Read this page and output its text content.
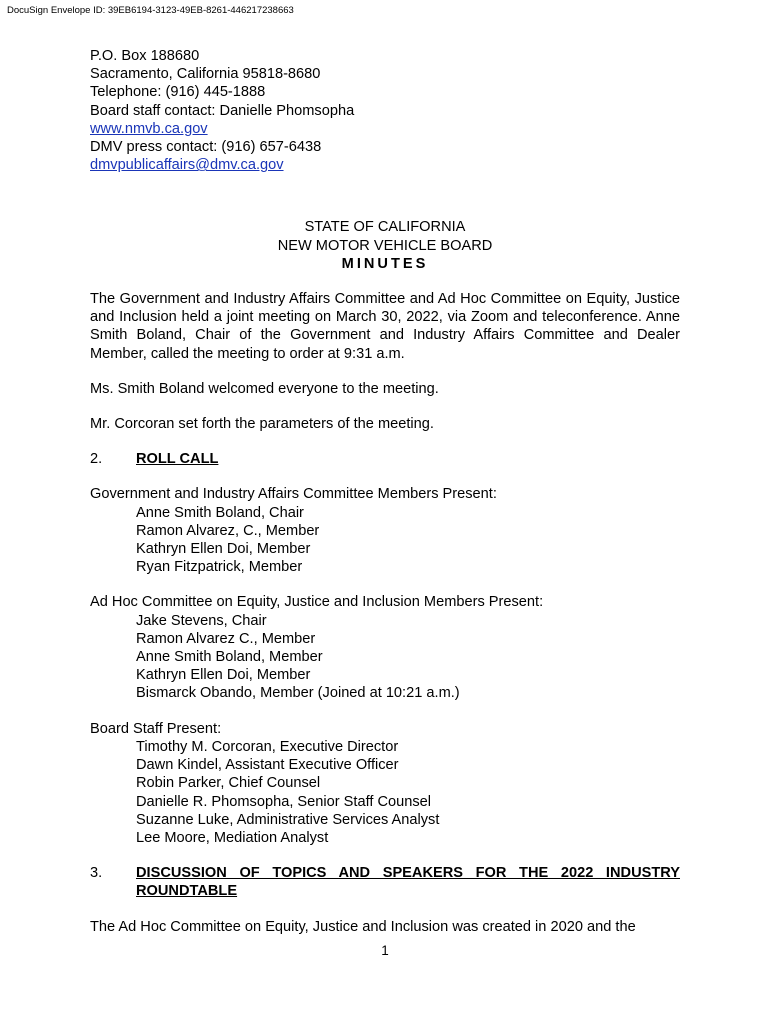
DocuSign Envelope ID: 39EB6194-3123-49EB-8261-446217238663
P.O. Box 188680
Sacramento, California 95818-8680
Telephone: (916) 445-1888
Board staff contact: Danielle Phomsopha
www.nmvb.ca.gov
DMV press contact: (916) 657-6438
dmvpublicaffairs@dmv.ca.gov
STATE OF CALIFORNIA
NEW MOTOR VEHICLE BOARD
MINUTES

The Government and Industry Affairs Committee and Ad Hoc Committee on Equity, Justice and Inclusion held a joint meeting on March 30, 2022, via Zoom and teleconference. Anne Smith Boland, Chair of the Government and Industry Affairs Committee and Dealer Member, called the meeting to order at 9:31 a.m.

Ms. Smith Boland welcomed everyone to the meeting.

Mr. Corcoran set forth the parameters of the meeting.

2.	ROLL CALL
Government and Industry Affairs Committee Members Present:
Anne Smith Boland, Chair
Ramon Alvarez, C., Member
Kathryn Ellen Doi, Member
Ryan Fitzpatrick, Member
Ad Hoc Committee on Equity, Justice and Inclusion Members Present:
Jake Stevens, Chair
Ramon Alvarez C., Member
Anne Smith Boland, Member
Kathryn Ellen Doi, Member
Bismarck Obando, Member (Joined at 10:21 a.m.)
Board Staff Present:
Timothy M. Corcoran, Executive Director
Dawn Kindel, Assistant Executive Officer
Robin Parker, Chief Counsel
Danielle R. Phomsopha, Senior Staff Counsel
Suzanne Luke, Administrative Services Analyst
Lee Moore, Mediation Analyst
3.	DISCUSSION OF TOPICS AND SPEAKERS FOR THE 2022 INDUSTRY ROUNDTABLE

The Ad Hoc Committee on Equity, Justice and Inclusion was created in 2020 and the

1
